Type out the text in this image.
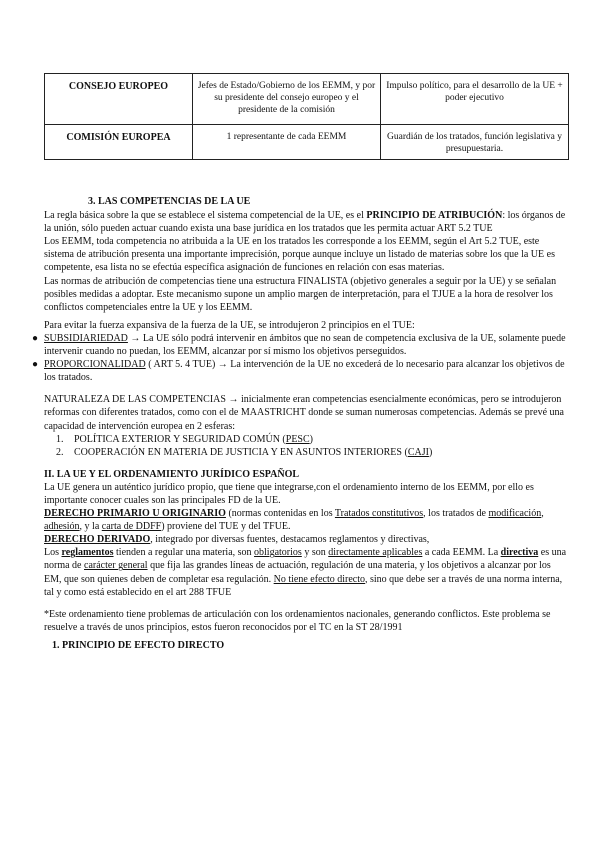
CONSEJO EUROPEO	Jefes de Estado/Gobierno de los EEMM, y por su presidente del consejo europeo y el presidente de la comisión	Impulso político, para el desarrollo de la UE + poder ejecutivo
COMISIÓN EUROPEA	1 representante de cada EEMM	Guardián de los tratados, función legislativa y presupuestaria.

3. LAS COMPETENCIAS DE LA UE

La regla básica sobre la que se establece el sistema competencial de la UE, es el PRINCIPIO DE ATRIBUCIÓN: los órganos de la unión, sólo pueden actuar cuando exista una base jurídica en los tratados que les permita actuar ART 5.2 TUE

Los EEMM, toda competencia no atribuida a la UE en los tratados les corresponde a los EEMM, según el Art 5.2 TUE, este sistema de atribución presenta una importante imprecisión, porque aunque incluye un listado de materias sobre los que la UE es competente, esa lista no se efectúa específica asignación de funciones en relación con esas materias.

Las normas de atribución de competencias tiene una estructura FINALISTA (objetivo generales a seguir por la UE) y se señalan posibles medidas a adoptar. Este mecanismo supone un amplio margen de interpretación, para el TJUE a la hora de resolver los conflictos competenciales entre la UE y los EEMM.

Para evitar la fuerza expansiva de la fuerza de la UE, se introdujeron 2 principios en el TUE:

● SUBSIDIARIEDAD → La UE sólo podrá intervenir en ámbitos que no sean de competencia exclusiva de la UE, solamente puede intervenir cuando no puedan, los EEMM, alcanzar por sí mismo los objetivos perseguidos.
● PROPORCIONALIDAD ( ART 5. 4 TUE) → La intervención de la UE no excederá de lo necesario para alcanzar los objetivos de los tratados.

NATURALEZA DE LAS COMPETENCIAS → inicialmente eran competencias esencialmente económicas, pero se introdujeron reformas con diferentes tratados, como con el de MAASTRICHT donde se suman numerosas competencias. Además se prevé una capacidad de intervención europea en 2 esferas:

1.	POLÍTICA EXTERIOR Y SEGURIDAD COMÚN (PESC)
2.	COOPERACIÓN EN MATERIA DE JUSTICIA Y EN ASUNTOS INTERIORES (CAJI)

II. LA UE Y EL ORDENAMIENTO JURÍDICO ESPAÑOL

La UE genera un auténtico jurídico propio, que tiene que integrarse,con el ordenamiento interno de los EEMM, por ello es importante conocer cuales son las principales FD de la UE.

DERECHO PRIMARIO U ORIGINARIO (normas contenidas en los Tratados constitutivos, los tratados de modificación, adhesión, y la carta de DDFF) proviene del TUE y del TFUE.

DERECHO DERIVADO, integrado por diversas fuentes, destacamos reglamentos y directivas,

Los reglamentos tienden a regular una materia, son obligatorios y son directamente aplicables a cada EEMM. La directiva es una norma de carácter general que fija las grandes líneas de actuación, regulación de una materia, y los objetivos a alcanzar por los EM, que son quienes deben de completar esa regulación. No tiene efecto directo, sino que debe ser a través de una norma interna, tal y como está establecido en el art 288 TFUE

*Este ordenamiento tiene problemas de articulación con los ordenamientos nacionales, generando conflictos. Este problema se resuelve a través de unos principios, estos fueron reconocidos por el TC en la ST 28/1991

1. PRINCIPIO DE EFECTO DIRECTO
